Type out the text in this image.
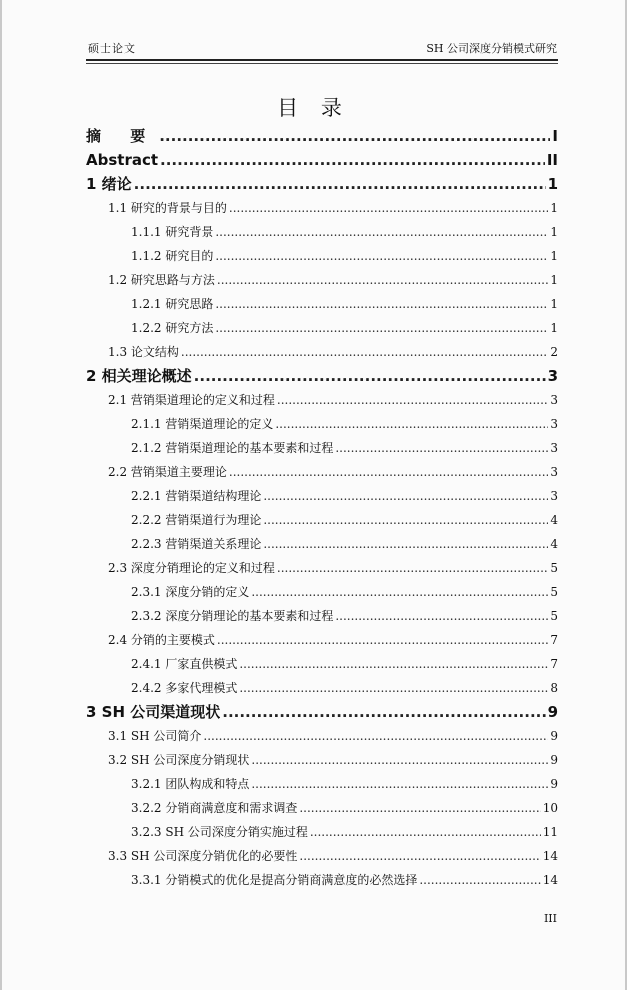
硕士论文	SH 公司深度分销模式研究
目 录
摘 要 .....	I
Abstract .....	II
1 绪论 .....	1
1.1 研究的背景与目的 .....	1
1.1.1 研究背景 .....	1
1.1.2 研究目的 .....	1
1.2 研究思路与方法 .....	1
1.2.1 研究思路 .....	1
1.2.2 研究方法 .....	1
1.3 论文结构 .....	2
2 相关理论概述 .....	3
2.1 营销渠道理论的定义和过程 .....	3
2.1.1 营销渠道理论的定义 .....	3
2.1.2 营销渠道理论的基本要素和过程 .....	3
2.2 营销渠道主要理论 .....	3
2.2.1 营销渠道结构理论 .....	3
2.2.2 营销渠道行为理论 .....	4
2.2.3 营销渠道关系理论 .....	4
2.3 深度分销理论的定义和过程 .....	5
2.3.1 深度分销的定义 .....	5
2.3.2 深度分销理论的基本要素和过程 .....	5
2.4 分销的主要模式 .....	7
2.4.1 厂家直供模式 .....	7
2.4.2 多家代理模式 .....	8
3 SH 公司渠道现状 .....	9
3.1 SH 公司简介 .....	9
3.2 SH 公司深度分销现状 .....	9
3.2.1 团队构成和特点 .....	9
3.2.2 分销商满意度和需求调查 .....	10
3.2.3 SH 公司深度分销实施过程 .....	11
3.3 SH 公司深度分销优化的必要性 .....	14
3.3.1 分销模式的优化是提高分销商满意度的必然选择 .....	14
III
